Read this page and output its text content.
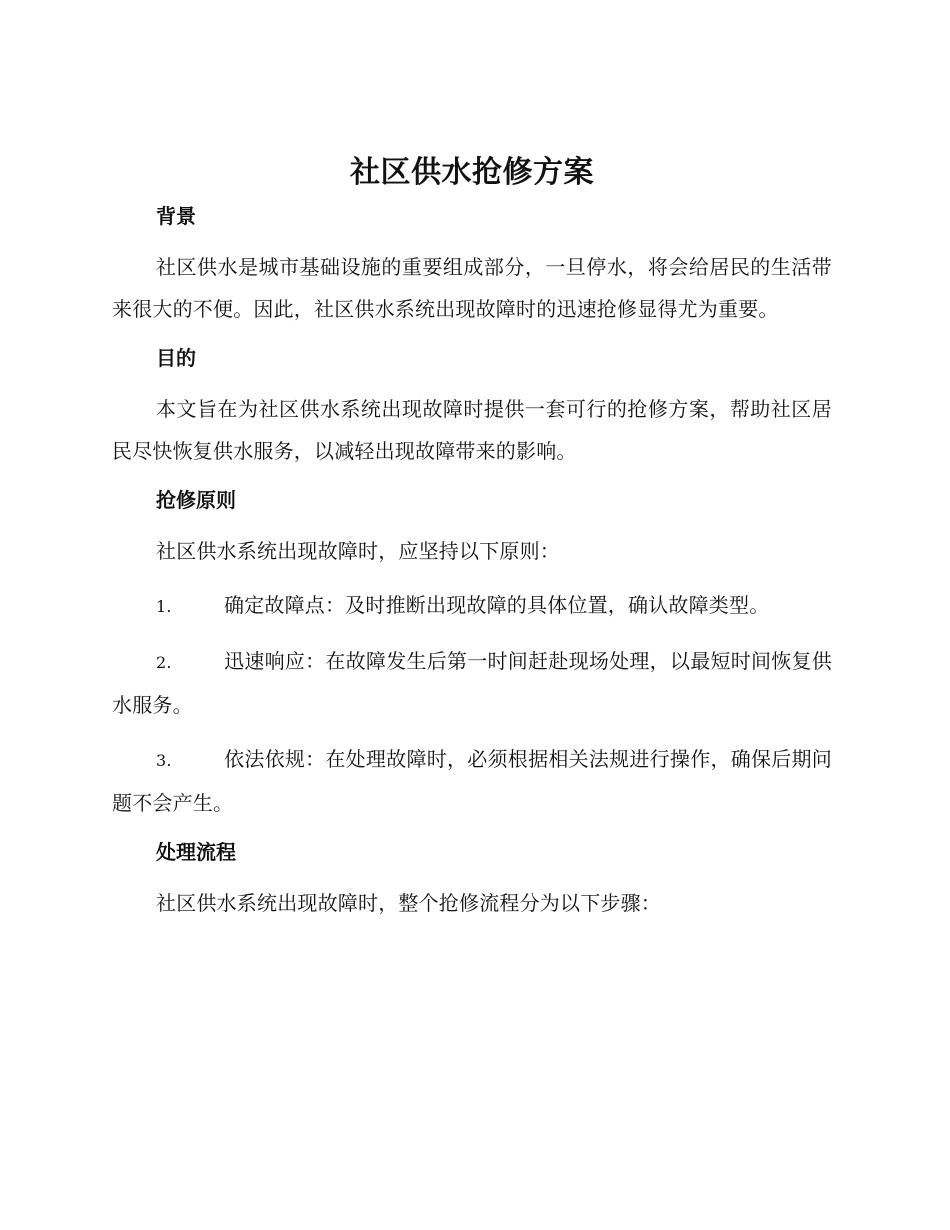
社区供水抢修方案
背景

社区供水是城市基础设施的重要组成部分，一旦停水，将会给居民的生活带来很大的不便。因此，社区供水系统出现故障时的迅速抢修显得尤为重要。

目的

本文旨在为社区供水系统出现故障时提供一套可行的抢修方案，帮助社区居民尽快恢复供水服务，以减轻出现故障带来的影响。

抢修原则

社区供水系统出现故障时，应坚持以下原则：

1.	确定故障点：及时推断出现故障的具体位置，确认故障类型。

2.	迅速响应：在故障发生后第一时间赶赴现场处理，以最短时间恢复供水服务。

3.	依法依规：在处理故障时，必须根据相关法规进行操作，确保后期问题不会产生。

处理流程

社区供水系统出现故障时，整个抢修流程分为以下步骤：
